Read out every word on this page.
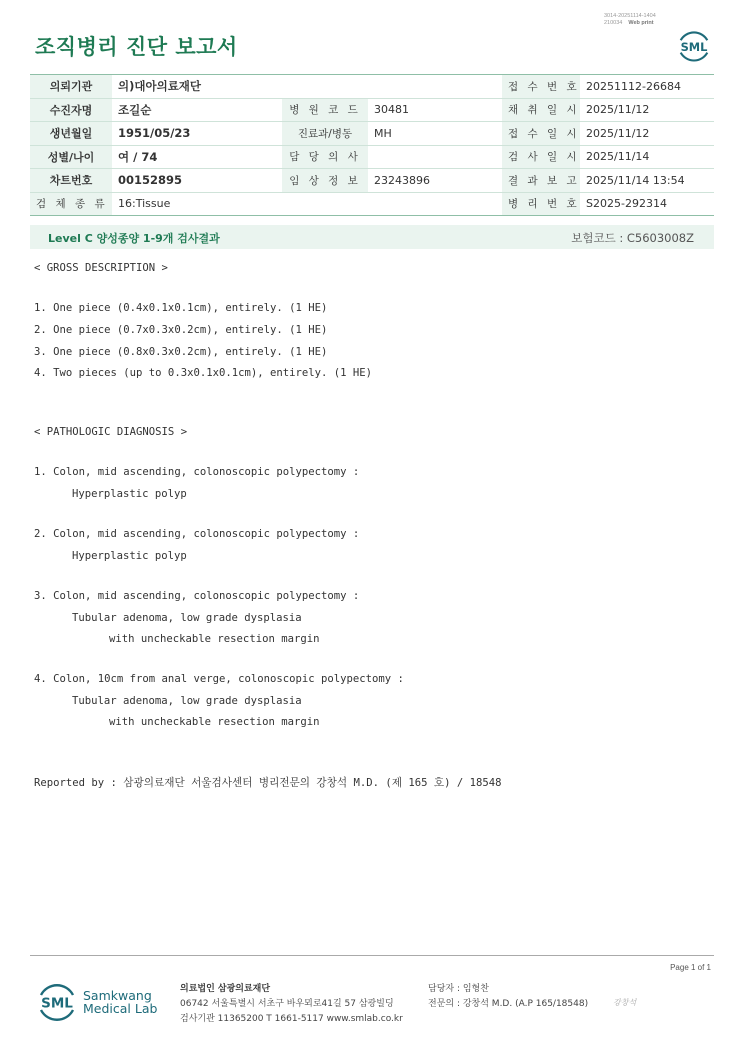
3014-20251114-1404
210034 Web print
조직병리 진단 보고서	SML
의뢰기관	의)대아의료재단			접 수 번 호	20251112-26684
수진자명	조길순	병 원 코 드	30481	채 취 일 시	2025/11/12
생년월일	1951/05/23	진료과/병동	MH	접 수 일 시	2025/11/12
성별/나이	여 / 74	담 당 의 사		검 사 일 시	2025/11/14
차트번호	00152895	임 상 정 보	23243896	결 과 보 고	2025/11/14 13:54
검 체 종 류	16:Tissue			병 리 번 호	S2025-292314
Level C 양성종양 1-9개 검사결과	보험코드 : C5603008Z
< GROSS DESCRIPTION >
1. One piece (0.4x0.1x0.1cm), entirely. (1 HE)
2. One piece (0.7x0.3x0.2cm), entirely. (1 HE)
3. One piece (0.8x0.3x0.2cm), entirely. (1 HE)
4. Two pieces (up to 0.3x0.1x0.1cm), entirely. (1 HE)
< PATHOLOGIC DIAGNOSIS >
1. Colon, mid ascending, colonoscopic polypectomy :
Hyperplastic polyp
2. Colon, mid ascending, colonoscopic polypectomy :
Hyperplastic polyp
3. Colon, mid ascending, colonoscopic polypectomy :
Tubular adenoma, low grade dysplasia
with uncheckable resection margin
4. Colon, 10cm from anal verge, colonoscopic polypectomy :
Tubular adenoma, low grade dysplasia
with uncheckable resection margin
Reported by : 삼광의료재단 서울검사센터 병리전문의 강창석 M.D. (제 165 호) / 18548
Page 1 of 1
SML Samkwang
Medical Lab
의료법인 삼광의료재단
06742 서울특별시 서초구 바우뫼로41길 57 삼광빌딩
검사기관 11365200 T 1661-5117 www.smlab.co.kr
담당자 : 임형찬
전문의 : 강창석 M.D. (A.P 165/18548)	강창석
